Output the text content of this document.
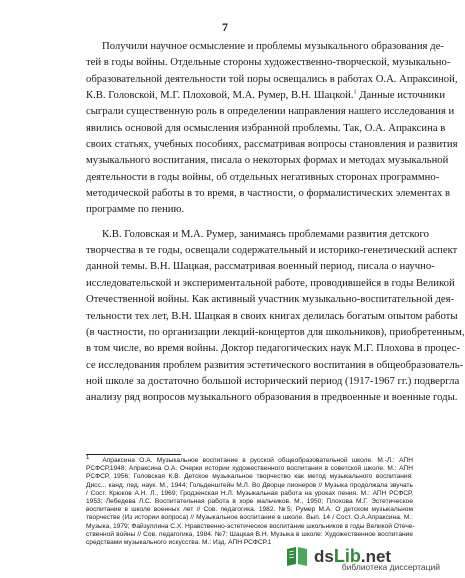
7
Получили научное осмысление и проблемы музыкального образования де-
тей в годы войны. Отдельные стороны художественно-творческой, музыкально-
образовательной деятельности той поры освещались в работах О.А. Апраксиной,
К.В. Головской, М.Г. Плоховой, М.А. Румер, В.Н. Шацкой.$^1$ Данные источники
сыграли существенную роль в определении направления нашего исследования и
явились основой для осмысления избранной проблемы. Так, О.А. Апраксина в
своих статьях, учебных пособиях, рассматривая вопросы становления и развития
музыкального воспитания, писала о некоторых формах и методах музыкальной
деятельности в годы войны, об отдельных негативных сторонах программно-
методической работы в то время, в частности, о формалистических элементах в
программе по пению.
К.В. Головская и М.А. Румер, занимаясь проблемами развития детского
творчества в те годы, освещали содержательный и историко-генетический аспект
данной темы. В.Н. Шацкая, рассматривая военный период, писала о научно-
исследовательской и экспериментальной работе, проводившейся в годы Великой
Отечественной войны. Как активный участник музыкально-воспитательной дея-
тельности тех лет, В.Н. Шацкая в своих книгах делилась богатым опытом работы
(в частности, по организации лекций-концертов для школьников), приобретенным,
в том числе, во время войны. Доктор педагогических наук М.Г. Плохова в процес-
се исследования проблем развития эстетического воспитания в общеобразователь-
ной школе за достаточно большой исторический период (1917-1967 гг.) подвергла
анализу ряд вопросов музыкального образования в предвоенные и военные годы.
$^1$ Апраксина О.А. Музыкальное воспитание в русской общеобразовательной школе. М.-Л.: АПН
РСФСР,1948; Апраксина О.А. Очерки истории художественного воспитания в советской школе. М.: АПН
РСФСР, 1956; Головская К.В. Детское музыкальное творчество как метод музыкального воспитания:
Дисс... канд. пед. наук. М., 1944; Гольденштейн М.Л. Во Дворце пионеров // Музыка продолжала звучать
/ Сост. Крюков А.Н. Л., 1969; Гродзенская Н.Л. Музыкальная работа на уроках пения. М.: АПН РСФСР,
1953; Лебедева Л.С. Воспитательная работа в хоре мальчиков. М., 1950; Плохова М.Г. Эстетическое
воспитание в школе военных лет // Сов. педагогика. 1982. №5; Румер М.А. О детском музыкальном
творчестве (Из истории вопроса) // Музыкальное воспитание в школе. Вып. 14 / Сост. О.А.Апраксина. М.:
Музыка, 1979; Файзуллина С.Х. Нравственно-эстетическое воспитание школьников в годы Великой Отече-
ственной войны // Сов. педагогика, 1984. №7; Шацкая В.Н. Музыка в школе: Художественное воспитание
средствами музыкального искусства. М.: Изд. АПН РСФСР.1
ds Lib .net
библиотека диссертаций
